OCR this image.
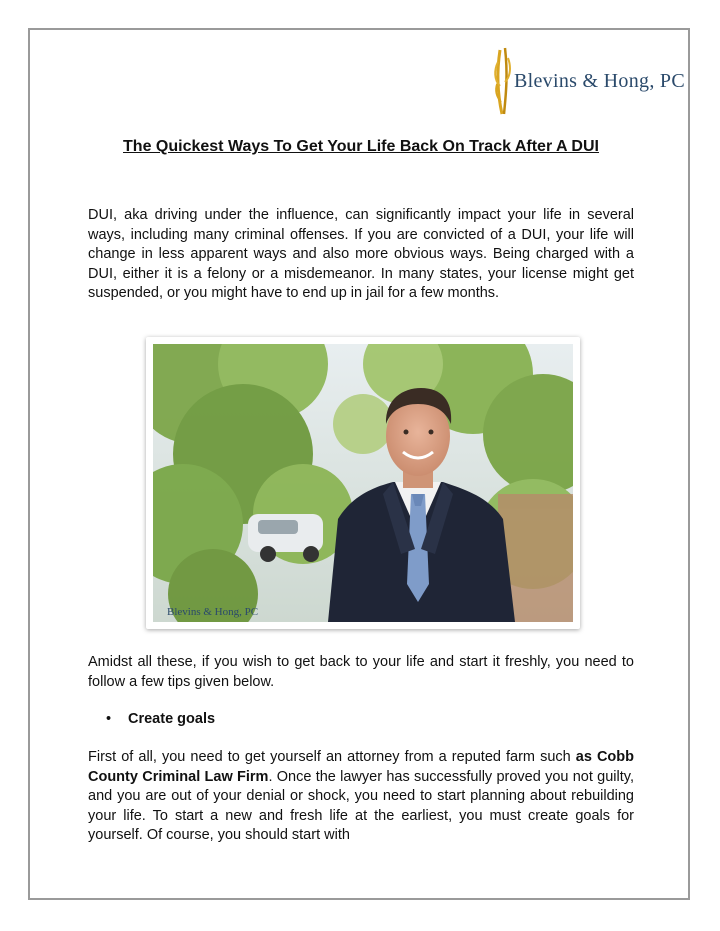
Blevins & Hong, PC
The Quickest Ways To Get Your Life Back On Track After A DUI
DUI, aka driving under the influence, can significantly impact your life in several ways, including many criminal offenses. If you are convicted of a DUI, your life will change in less apparent ways and also more obvious ways. Being charged with a DUI, either it is a felony or a misdemeanor. In many states, your license might get suspended, or you might have to end up in jail for a few months.
Blevins & Hong, PC
Amidst all these, if you wish to get back to your life and start it freshly, you need to follow a few tips given below.
• Create goals
First of all, you need to get yourself an attorney from a reputed farm such as Cobb County Criminal Law Firm. Once the lawyer has successfully proved you not guilty, and you are out of your denial or shock, you need to start planning about rebuilding your life. To start a new and fresh life at the earliest, you must create goals for yourself. Of course, you should start with
